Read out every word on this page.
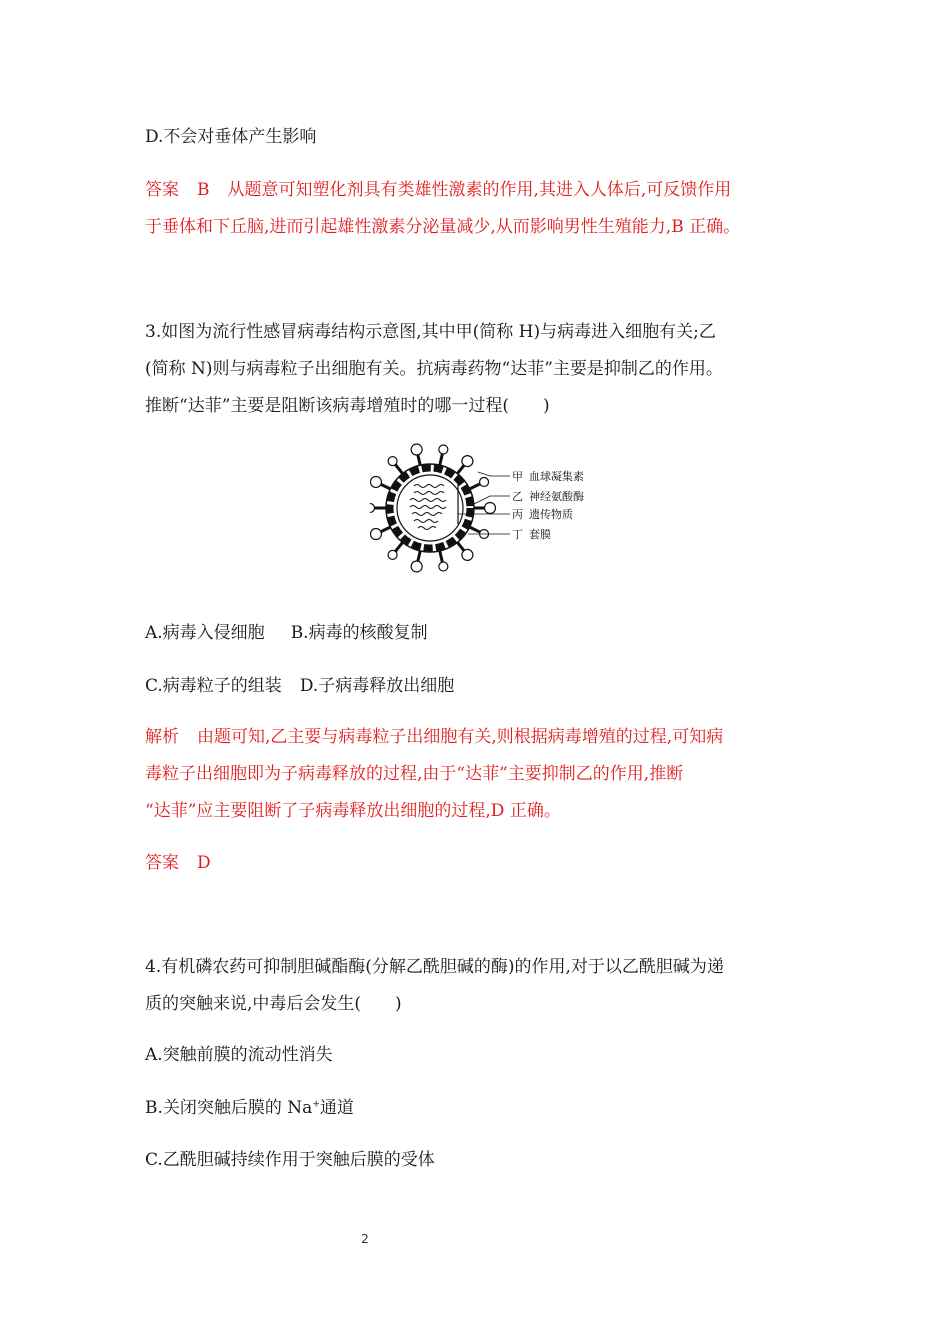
D.不会对垂体产生影响
答案 B 从题意可知塑化剂具有类雄性激素的作用,其进入人体后,可反馈作用
于垂体和下丘脑,进而引起雄性激素分泌量减少,从而影响男性生殖能力,B 正确。
3.如图为流行性感冒病毒结构示意图,其中甲(简称 H)与病毒进入细胞有关;乙
(简称 N)则与病毒粒子出细胞有关。抗病毒药物“达菲”主要是抑制乙的作用。
推断“达菲”主要是阻断该病毒增殖时的哪一过程(　　)
甲 血球凝集素
乙 神经氨酸酶
丙 遗传物质
丁 套膜
A.病毒入侵细胞 B.病毒的核酸复制
C.病毒粒子的组装 D.子病毒释放出细胞
解析 由题可知,乙主要与病毒粒子出细胞有关,则根据病毒增殖的过程,可知病
毒粒子出细胞即为子病毒释放的过程,由于“达菲”主要抑制乙的作用,推断
“达菲”应主要阻断了子病毒释放出细胞的过程,D 正确。
答案 D
4.有机磷农药可抑制胆碱酯酶(分解乙酰胆碱的酶)的作用,对于以乙酰胆碱为递
质的突触来说,中毒后会发生(　　)
A.突触前膜的流动性消失
B.关闭突触后膜的 Na+通道
C.乙酰胆碱持续作用于突触后膜的受体
2
